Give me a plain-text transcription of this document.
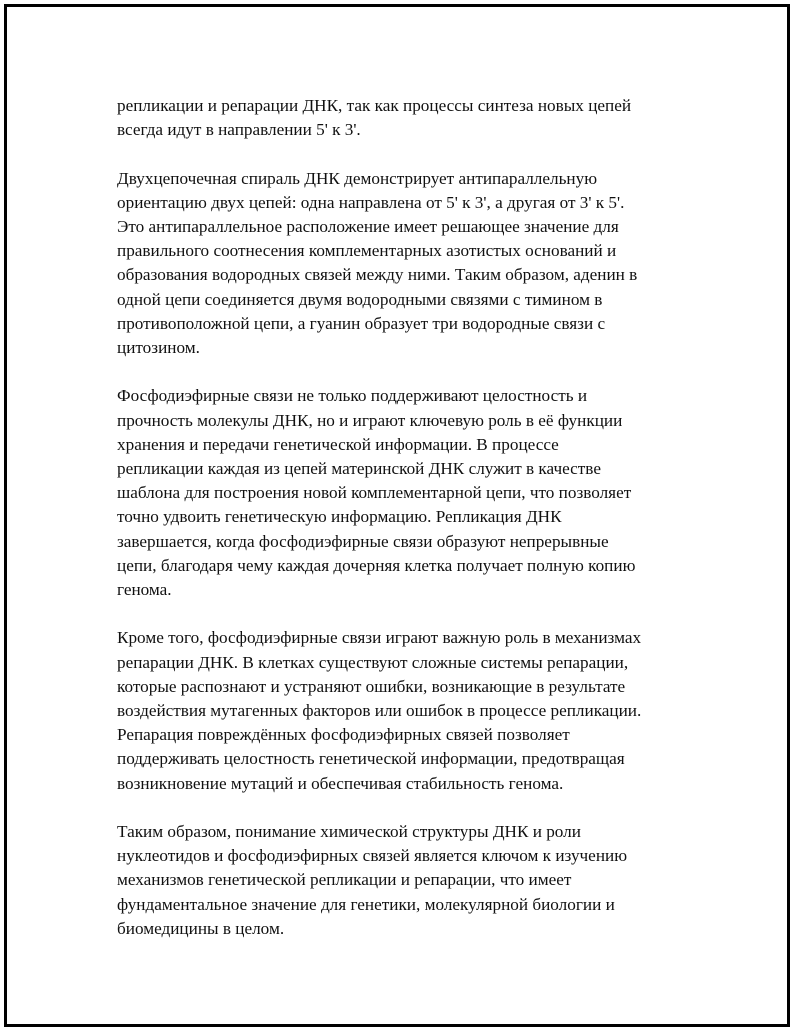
репликации и репарации ДНК, так как процессы синтеза новых цепей
всегда идут в направлении 5' к 3'.

Двухцепочечная спираль ДНК демонстрирует антипараллельную
ориентацию двух цепей: одна направлена от 5' к 3', а другая от 3' к 5'.
Это антипараллельное расположение имеет решающее значение для
правильного соотнесения комплементарных азотистых оснований и
образования водородных связей между ними. Таким образом, аденин в
одной цепи соединяется двумя водородными связями с тимином в
противоположной цепи, а гуанин образует три водородные связи с
цитозином.

Фосфодиэфирные связи не только поддерживают целостность и
прочность молекулы ДНК, но и играют ключевую роль в её функции
хранения и передачи генетической информации. В процессе
репликации каждая из цепей материнской ДНК служит в качестве
шаблона для построения новой комплементарной цепи, что позволяет
точно удвоить генетическую информацию. Репликация ДНК
завершается, когда фосфодиэфирные связи образуют непрерывные
цепи, благодаря чему каждая дочерняя клетка получает полную копию
генома.

Кроме того, фосфодиэфирные связи играют важную роль в механизмах
репарации ДНК. В клетках существуют сложные системы репарации,
которые распознают и устраняют ошибки, возникающие в результате
воздействия мутагенных факторов или ошибок в процессе репликации.
Репарация повреждённых фосфодиэфирных связей позволяет
поддерживать целостность генетической информации, предотвращая
возникновение мутаций и обеспечивая стабильность генома.

Таким образом, понимание химической структуры ДНК и роли
нуклеотидов и фосфодиэфирных связей является ключом к изучению
механизмов генетической репликации и репарации, что имеет
фундаментальное значение для генетики, молекулярной биологии и
биомедицины в целом.
